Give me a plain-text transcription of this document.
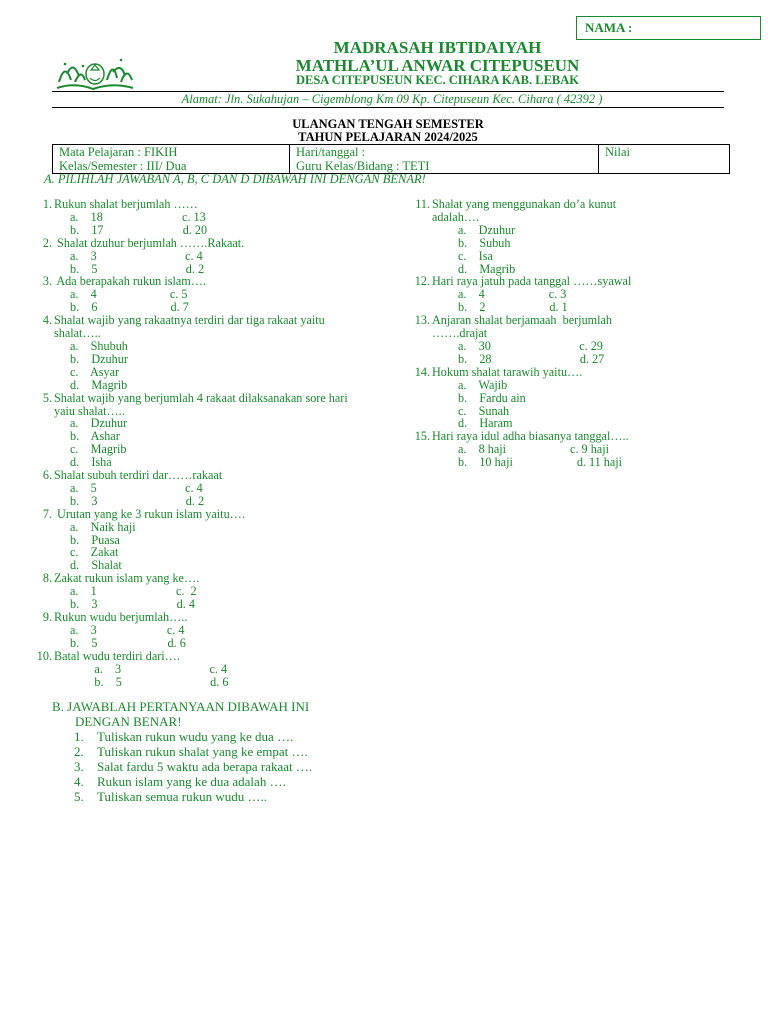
NAMA :
MADRASAH IBTIDAIYAH
MATHLA’UL ANWAR CITEPUSEUN
DESA CITEPUSEUN KEC. CIHARA KAB. LEBAK
Alamat: Jln. Sukahujan – Cigemblong Km 09 Kp. Citepuseun Kec. Cihara ( 42392 )
ULANGAN TENGAH SEMESTER
TAHUN PELAJARAN 2024/2025
Mata Pelajaran : FIKIH
Kelas/Semester : III/ Dua

Hari/tanggal :
Guru Kelas/Bidang : TETI

Nilai
A. PILIHLAH JAWABAN A, B, C DAN D DIBAWAH INI DENGAN BENAR!
1. Rukun shalat berjumlah ……
a.    18                          c. 13
b.    17                          d. 20
2. Shalat dzuhur berjumlah …….Rakaat.
a.    3                             c. 4
b.    5                             d. 2
3. Ada berapakah rukun islam….
a.    4                        c. 5
b.    6                        d. 7
4. Shalat wajib yang rakaatnya terdiri dar tiga rakaat yaitu
shalat…..
a.    Shubuh
b.    Dzuhur
c.    Asyar
d.    Magrib
5. Shalat wajib yang berjumlah 4 rakaat dilaksanakan sore hari
yaiu shalat…..
a.    Dzuhur
b.    Ashar
c.    Magrib
d.    Isha
6. Shalat subuh terdiri dar……rakaat
a.    5                             c. 4
b.    3                             d. 2
7. Urutan yang ke 3 rukun islam yaitu….
a.    Naik haji
b.    Puasa
c.    Zakat
d.    Shalat
8. Zakat rukun islam yang ke….
a.    1                          c.  2
b.    3                          d. 4
9. Rukun wudu berjumlah…..
a.    3                       c. 4
b.    5                       d. 6
10. Batal wudu terdiri dari….
a.    3                             c. 4
b.    5                             d. 6
11. Shalat yang menggunakan do’a kunut
adalah….
a.    Dzuhur
b.    Subuh
c.    Isa
d.    Magrib
12. Hari raya jatuh pada tanggal ……syawal
a.    4                     c. 3
b.    2                     d. 1
13. Anjaran shalat berjamaah  berjumlah
…….drajat
a.    30                             c. 29
b.    28                             d. 27
14. Hokum shalat tarawih yaitu….
a.    Wajib
b.    Fardu ain
c.    Sunah
d.    Haram
15. Hari raya idul adha biasanya tanggal…..
a.    8 haji                     c. 9 haji
b.    10 haji                     d. 11 haji
B. JAWABLAH PERTANYAAN DIBAWAH INI
DENGAN BENAR!
1. Tuliskan rukun wudu yang ke dua ….
2. Tuliskan rukun shalat yang ke empat ….
3. Salat fardu 5 waktu ada berapa rakaat ….
4. Rukun islam yang ke dua adalah ….
5. Tuliskan semua rukun wudu …..
